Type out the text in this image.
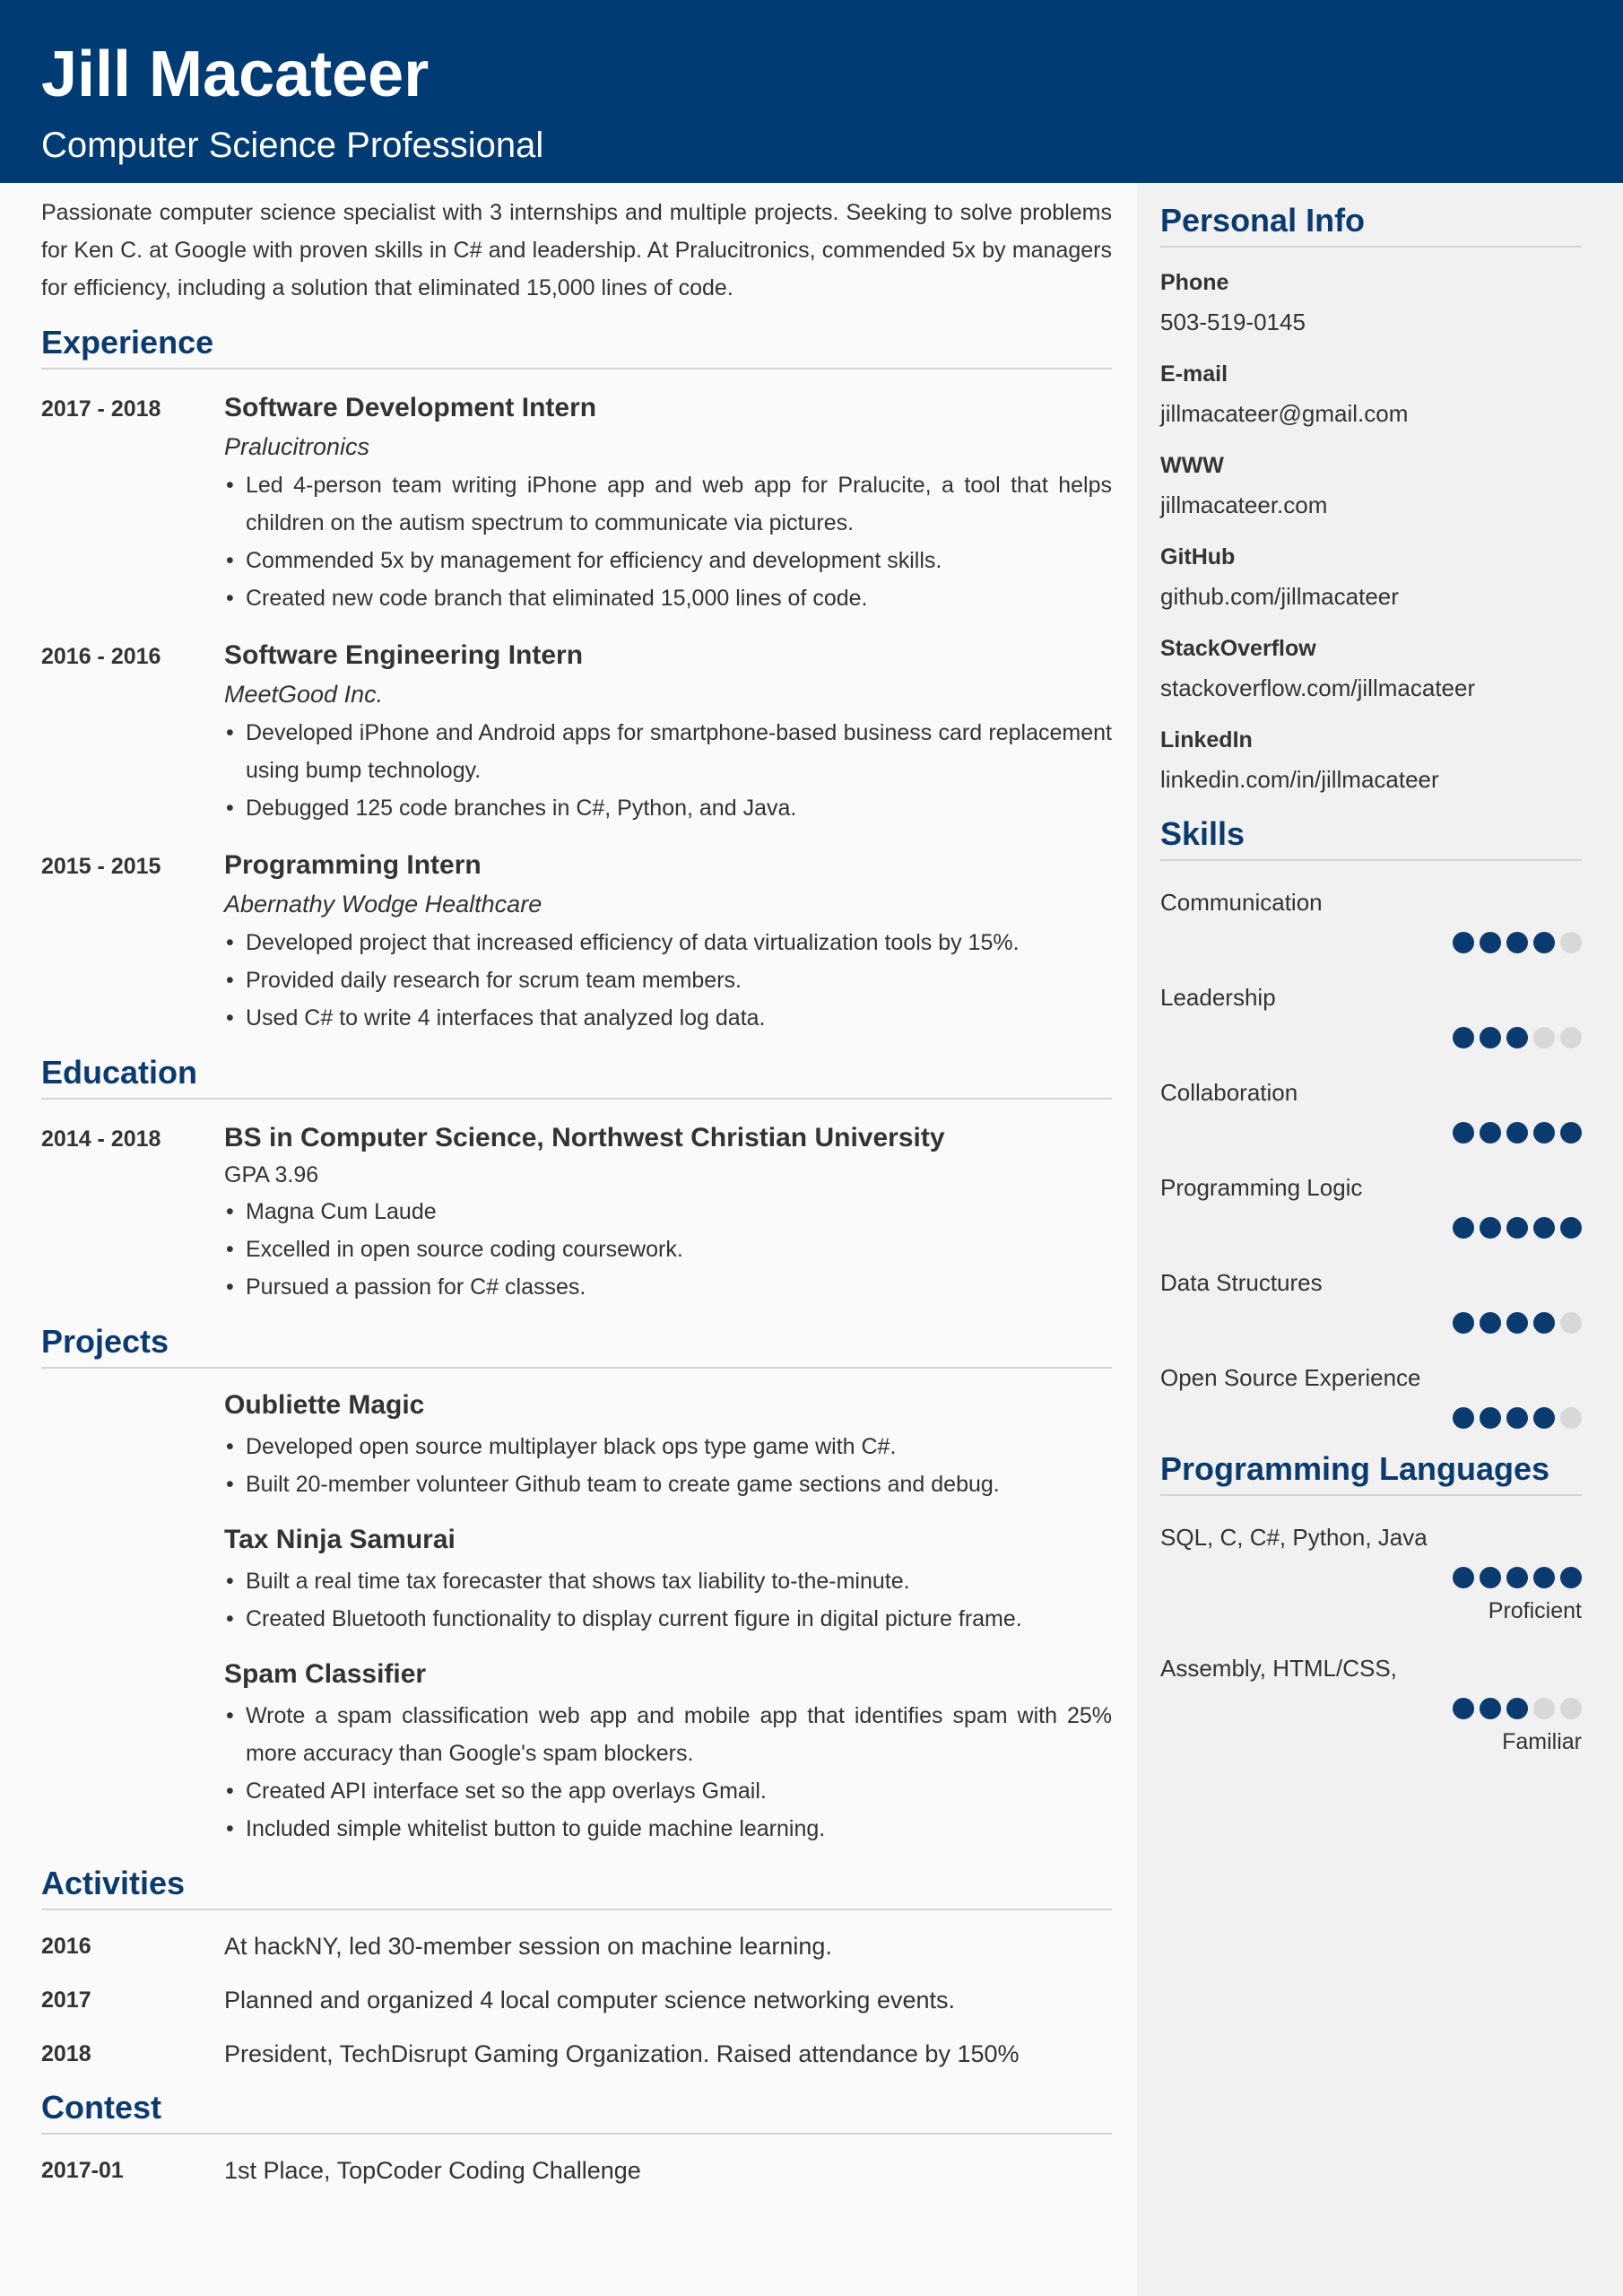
Jill Macateer
Computer Science Professional
Personal Info
Phone
503-519-0145
E-mail
jillmacateer@gmail.com
WWW
jillmacateer.com
GitHub
github.com/jillmacateer
StackOverflow
stackoverflow.com/jillmacateer
LinkedIn
linkedin.com/in/jillmacateer
Skills
Communication
Leadership
Collaboration
Programming Logic
Data Structures
Open Source Experience
Programming Languages
SQL, C, C#, Python, Java
Proficient
Assembly, HTML/CSS,
Familiar
Passionate computer science specialist with 3 internships and multiple projects. Seeking to solve problems for Ken C. at Google with proven skills in C# and leadership. At Pralucitronics, commended 5x by managers for efficiency, including a solution that eliminated 15,000 lines of code.
Experience
2017 - 2018	Software Development Intern
Pralucitronics
• Led 4-person team writing iPhone app and web app for Pralucite, a tool that helps children on the autism spectrum to communicate via pictures.
• Commended 5x by management for efficiency and development skills.
• Created new code branch that eliminated 15,000 lines of code.
2016 - 2016	Software Engineering Intern
MeetGood Inc.
• Developed iPhone and Android apps for smartphone-based business card replacement using bump technology.
• Debugged 125 code branches in C#, Python, and Java.
2015 - 2015	Programming Intern
Abernathy Wodge Healthcare
• Developed project that increased efficiency of data virtualization tools by 15%.
• Provided daily research for scrum team members.
• Used C# to write 4 interfaces that analyzed log data.
Education
2014 - 2018	BS in Computer Science, Northwest Christian University
GPA 3.96
• Magna Cum Laude
• Excelled in open source coding coursework.
• Pursued a passion for C# classes.
Projects
Oubliette Magic
• Developed open source multiplayer black ops type game with C#.
• Built 20-member volunteer Github team to create game sections and debug.
Tax Ninja Samurai
• Built a real time tax forecaster that shows tax liability to-the-minute.
• Created Bluetooth functionality to display current figure in digital picture frame.
Spam Classifier
• Wrote a spam classification web app and mobile app that identifies spam with 25% more accuracy than Google's spam blockers.
• Created API interface set so the app overlays Gmail.
• Included simple whitelist button to guide machine learning.
Activities
2016	At hackNY, led 30-member session on machine learning.
2017	Planned and organized 4 local computer science networking events.
2018	President, TechDisrupt Gaming Organization. Raised attendance by 150%
Contest
2017-01	1st Place, TopCoder Coding Challenge
